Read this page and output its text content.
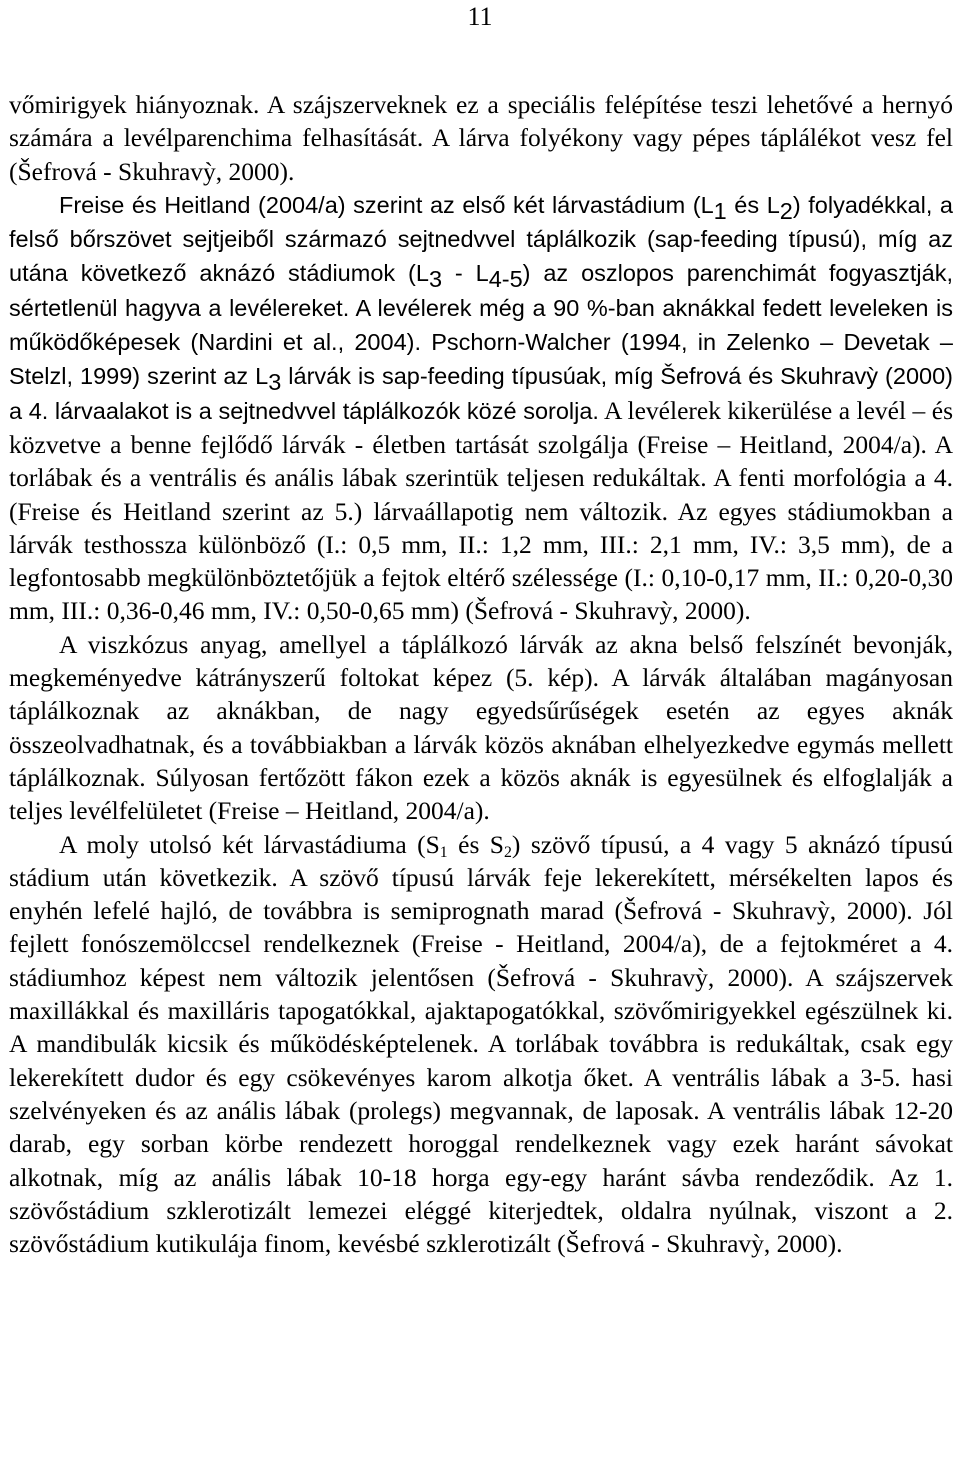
11

vőmirigyek hiányoznak. A szájszerveknek ez a speciális felépítése teszi lehetővé a hernyó számára a levélparenchima felhasítását. A lárva folyékony vagy pépes táplálékot vesz fel (Šefrová - Skuhravỳ, 2000).

Freise és Heitland (2004/a) szerint az első két lárvastádium ($L_1$ és $L_2$) folyadékkal, a felső bőrszövet sejtjeiből származó sejtnedvvel táplálkozik (sap-feeding típusú), míg az utána következő aknázó stádiumok $(L_3 - L_{4-5})$ az oszlopos parenchimát fogyasztják, sértetlenül hagyva a levélereket. A levélerek még a 90 %-ban aknákkal fedett leveleken is működőképesek (Nardini et al., 2004). Pschorn-Walcher (1994, in Zelenko – Devetak – Stelzl, 1999) szerint az $L_3$ lárvák is sap-feeding típusúak, míg Šefrová és Skuhravỳ (2000) a 4. lárvaalakot is a sejtnedvvel táplálkozók közé sorolja. A levélerek kikerülése a levél – és közvetve a benne fejlődő lárvák - életben tartását szolgálja (Freise – Heitland, 2004/a). A torlábak és a ventrális és anális lábak szerintük teljesen redukáltak. A fenti morfológia a 4. (Freise és Heitland szerint az 5.) lárvaállapotig nem változik. Az egyes stádiumokban a lárvák testhossza különböző (I.: 0,5 mm, II.: 1,2 mm, III.: 2,1 mm, IV.: 3,5 mm), de a legfontosabb megkülönböztetőjük a fejtok eltérő szélessége (I.: 0,10-0,17 mm, II.: 0,20-0,30 mm, III.: 0,36-0,46 mm, IV.: 0,50-0,65 mm) (Šefrová - Skuhravỳ, 2000).

A viszkózus anyag, amellyel a táplálkozó lárvák az akna belső felszínét bevonják, megkeményedve kátrányszerű foltokat képez (5. kép). A lárvák általában magányosan táplálkoznak az aknákban, de nagy egyedsűrűségek esetén az egyes aknák összeolvadhatnak, és a továbbiakban a lárvák közös aknában elhelyezkedve egymás mellett táplálkoznak. Súlyosan fertőzött fákon ezek a közös aknák is egyesülnek és elfoglalják a teljes levélfelületet (Freise – Heitland, 2004/a).

A moly utolsó két lárvastádiuma ($S_1$ és $S_2$) szövő típusú, a 4 vagy 5 aknázó típusú stádium után következik. A szövő típusú lárvák feje lekerekített, mérsékelten lapos és enyhén lefelé hajló, de továbbra is semiprognath marad (Šefrová - Skuhravỳ, 2000). Jól fejlett fonószemölccsel rendelkeznek (Freise - Heitland, 2004/a), de a fejtokméret a 4. stádiumhoz képest nem változik jelentősen (Šefrová - Skuhravỳ, 2000). A szájszervek maxillákkal és maxilláris tapogatókkal, ajaktapogatókkal, szövőmirigyekkel egészülnek ki. A mandibulák kicsik és működésképtelenek. A torlábak továbbra is redukáltak, csak egy lekerekített dudor és egy csökevényes karom alkotja őket. A ventrális lábak a 3-5. hasi szelvényeken és az anális lábak (prolegs) megvannak, de laposak. A ventrális lábak 12-20 darab, egy sorban körbe rendezett horoggal rendelkeznek vagy ezek haránt sávokat alkotnak, míg az anális lábak 10-18 horga egy-egy haránt sávba rendeződik. Az 1. szövőstádium szklerotizált lemezei eléggé kiterjedtek, oldalra nyúlnak, viszont a 2. szövőstádium kutikulája finom, kevésbé szklerotizált (Šefrová - Skuhravỳ, 2000).
